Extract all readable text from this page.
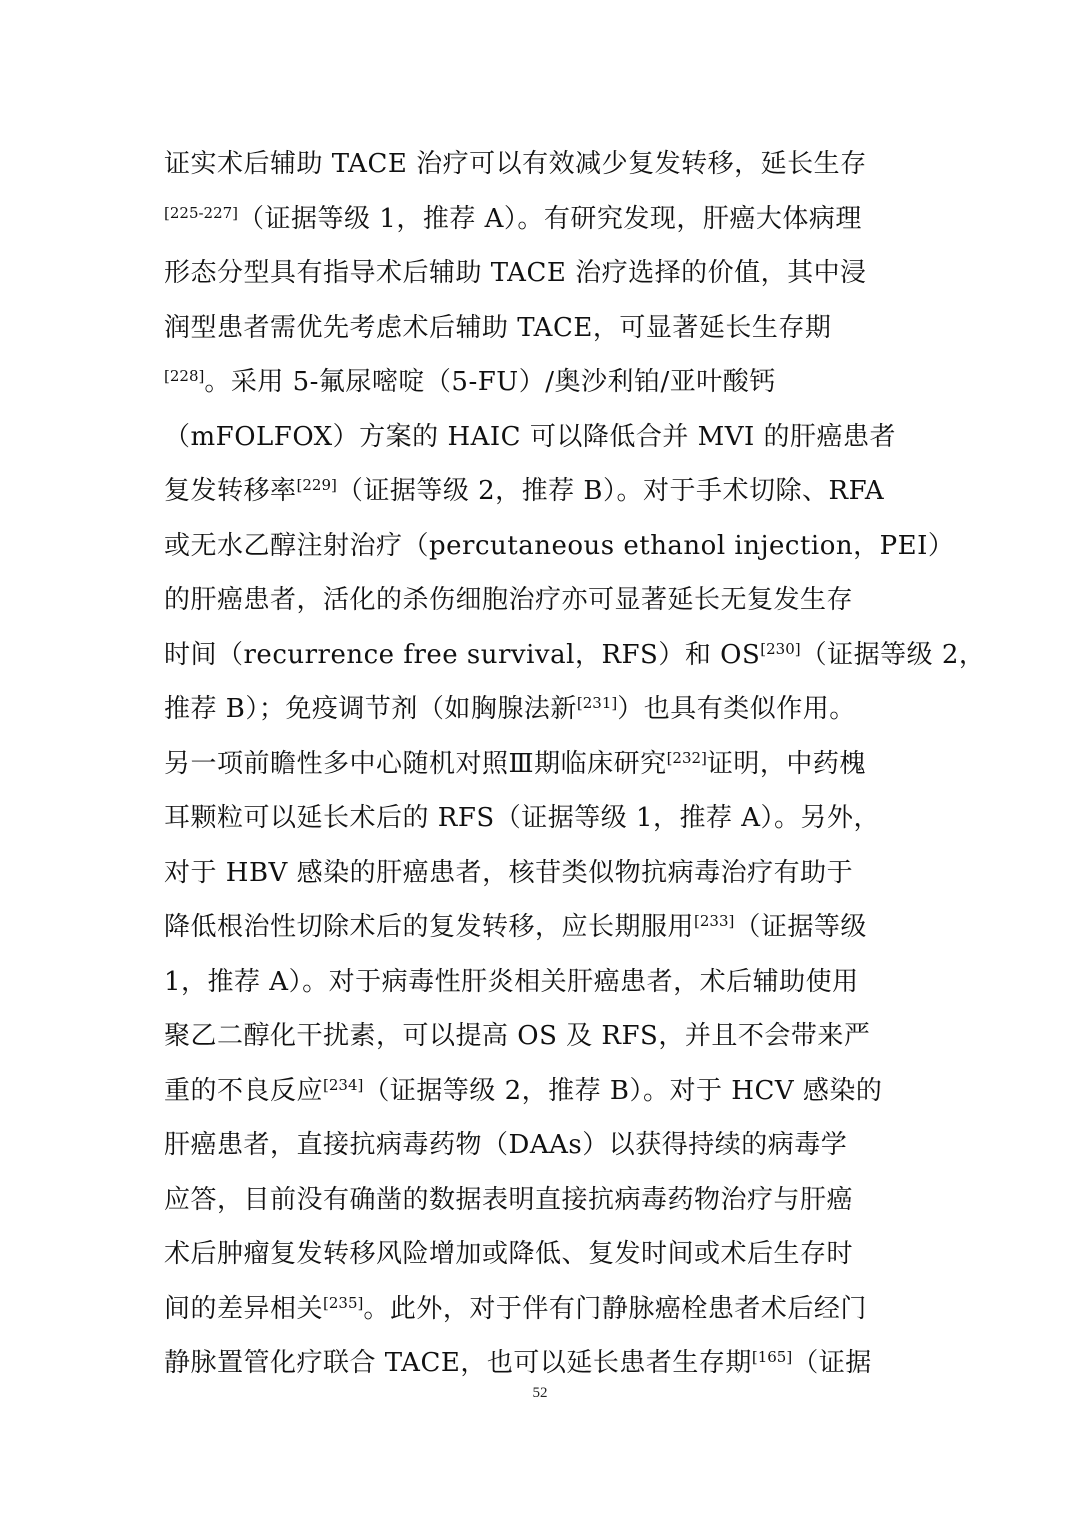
证实术后辅助 TACE 治疗可以有效减少复发转移，延长生存
[225-227]（证据等级 1，推荐 A）。有研究发现，肝癌大体病理
形态分型具有指导术后辅助 TACE 治疗选择的价值，其中浸
润型患者需优先考虑术后辅助 TACE，可显著延长生存期
[228]。采用 5-氟尿嘧啶（5-FU）/奥沙利铂/亚叶酸钙
（mFOLFOX）方案的 HAIC 可以降低合并 MVI 的肝癌患者
复发转移率[229]（证据等级 2，推荐 B）。对于手术切除、RFA
或无水乙醇注射治疗（percutaneous ethanol injection，PEI）
的肝癌患者，活化的杀伤细胞治疗亦可显著延长无复发生存
时间（recurrence free survival，RFS）和 OS[230]（证据等级 2，
推荐 B）；免疫调节剂（如胸腺法新[231]）也具有类似作用。
另一项前瞻性多中心随机对照Ⅲ期临床研究[232]证明，中药槐
耳颗粒可以延长术后的 RFS（证据等级 1，推荐 A）。另外，
对于 HBV 感染的肝癌患者，核苷类似物抗病毒治疗有助于
降低根治性切除术后的复发转移，应长期服用[233]（证据等级
1，推荐 A）。对于病毒性肝炎相关肝癌患者，术后辅助使用
聚乙二醇化干扰素，可以提高 OS 及 RFS，并且不会带来严
重的不良反应[234]（证据等级 2，推荐 B）。对于 HCV 感染的
肝癌患者，直接抗病毒药物（DAAs）以获得持续的病毒学
应答，目前没有确凿的数据表明直接抗病毒药物治疗与肝癌
术后肿瘤复发转移风险增加或降低、复发时间或术后生存时
间的差异相关[235]。此外，对于伴有门静脉癌栓患者术后经门
静脉置管化疗联合 TACE，也可以延长患者生存期[165]（证据
52
